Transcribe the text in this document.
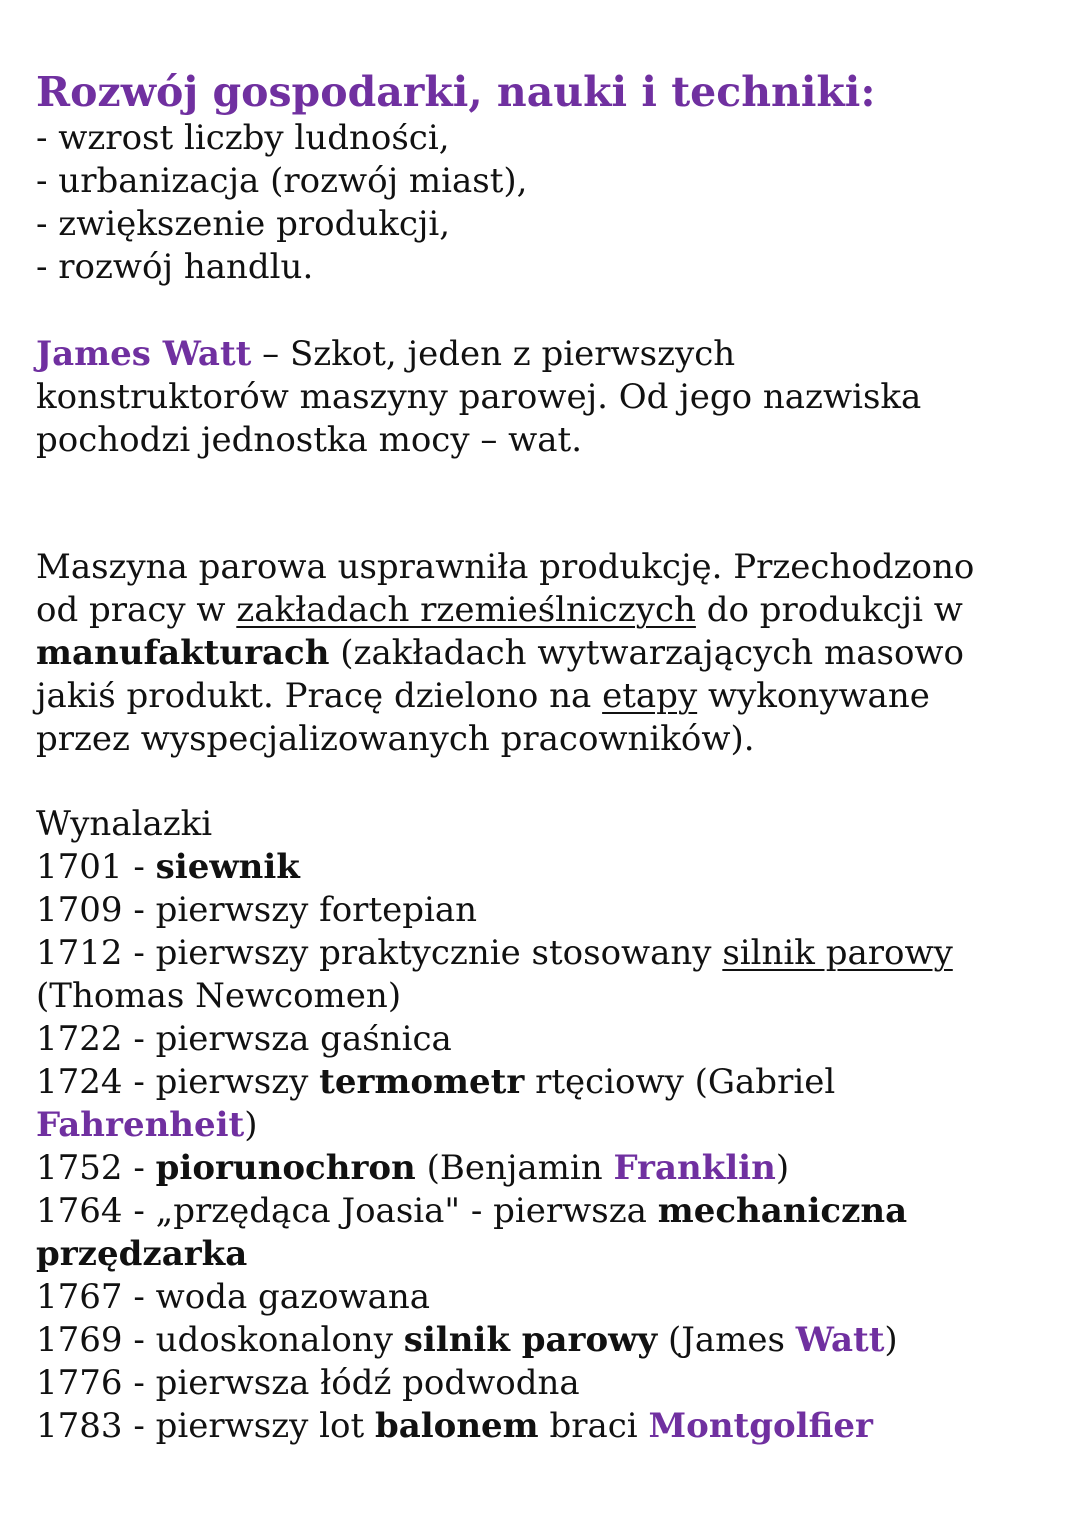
Rozwój gospodarki, nauki i techniki:
- wzrost liczby ludności,
- urbanizacja (rozwój miast),
- zwiększenie produkcji,
- rozwój handlu.
James Watt – Szkot, jeden z pierwszych
konstruktorów maszyny parowej. Od jego nazwiska
pochodzi jednostka mocy – wat.
Maszyna parowa usprawniła produkcję. Przechodzono
od pracy w zakładach rzemieślniczych do produkcji w
manufakturach (zakładach wytwarzających masowo
jakiś produkt. Pracę dzielono na etapy wykonywane
przez wyspecjalizowanych pracowników).
Wynalazki
1701 - siewnik
1709 - pierwszy fortepian
1712 - pierwszy praktycznie stosowany silnik parowy
(Thomas Newcomen)
1722 - pierwsza gaśnica
1724 - pierwszy termometr rtęciowy (Gabriel
Fahrenheit)
1752 - piorunochron (Benjamin Franklin)
1764 - „przędąca Joasia" - pierwsza mechaniczna
przędzarka
1767 - woda gazowana
1769 - udoskonalony silnik parowy (James Watt)
1776 - pierwsza łódź podwodna
1783 - pierwszy lot balonem braci Montgolfier
